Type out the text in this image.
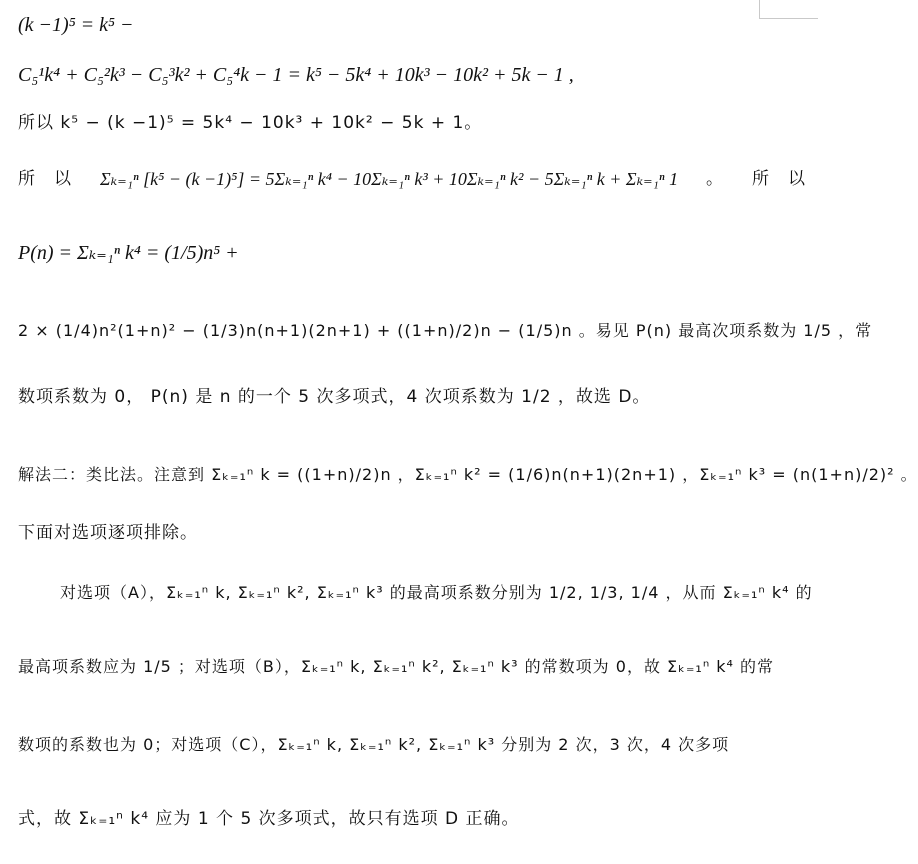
(k −1)⁵ = k⁵ −
C₅¹k⁴ + C₅²k³ − C₅³k² + C₅⁴k − 1 = k⁵ − 5k⁴ + 10k³ − 10k² + 5k − 1 ,
所以 k⁵ − (k −1)⁵ = 5k⁴ − 10k³ + 10k² − 5k + 1。
所　以 Σₖ₌₁ⁿ [k⁵ − (k −1)⁵] = 5Σₖ₌₁ⁿ k⁴ − 10Σₖ₌₁ⁿ k³ + 10Σₖ₌₁ⁿ k² − 5Σₖ₌₁ⁿ k + Σₖ₌₁ⁿ 1 。 所　以
P(n) = Σₖ₌₁ⁿ k⁴ = (1/5)n⁵ +
2 × (1/4)n²(1+n)² − (1/3)n(n+1)(2n+1) + ((1+n)/2)n − (1/5)n 。易见 P(n) 最高次项系数为 1/5 ，常
数项系数为 0， P(n) 是 n 的一个 5 次多项式，4 次项系数为 1/2 ，故选 D。
解法二：类比法。注意到 Σₖ₌₁ⁿ k = ((1+n)/2)n ，Σₖ₌₁ⁿ k² = (1/6)n(n+1)(2n+1) ，Σₖ₌₁ⁿ k³ = (n(1+n)/2)² 。
下面对选项逐项排除。
对选项（A），Σₖ₌₁ⁿ k, Σₖ₌₁ⁿ k², Σₖ₌₁ⁿ k³ 的最高项系数分别为 1/2, 1/3, 1/4 ，从而 Σₖ₌₁ⁿ k⁴ 的
最高项系数应为 1/5 ；对选项（B），Σₖ₌₁ⁿ k, Σₖ₌₁ⁿ k², Σₖ₌₁ⁿ k³ 的常数项为 0，故 Σₖ₌₁ⁿ k⁴ 的常
数项的系数也为 0；对选项（C），Σₖ₌₁ⁿ k, Σₖ₌₁ⁿ k², Σₖ₌₁ⁿ k³ 分别为 2 次，3 次，4 次多项
式，故 Σₖ₌₁ⁿ k⁴ 应为 1 个 5 次多项式，故只有选项 D 正确。
